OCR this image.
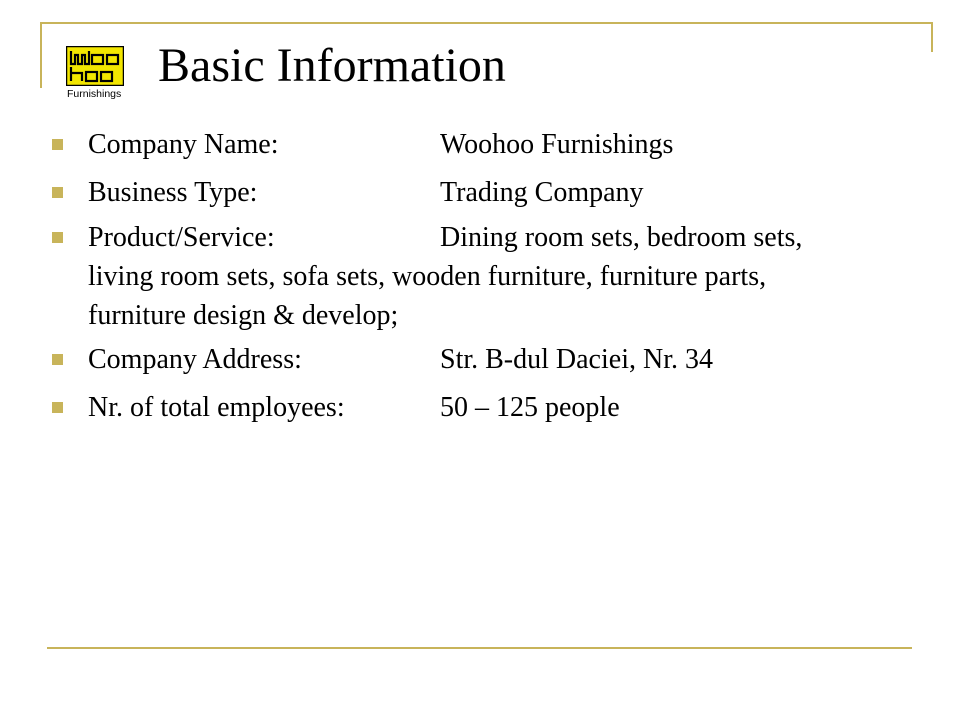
Furnishings
Basic Information
Company Name:	Woohoo Furnishings
Business Type:	Trading Company
Product/Service:	Dining room sets, bedroom sets,
living room sets, sofa sets, wooden furniture, furniture parts,
furniture design & develop;
Company Address:	Str. B-dul Daciei, Nr. 34
Nr. of total employees:	50 – 125 people
